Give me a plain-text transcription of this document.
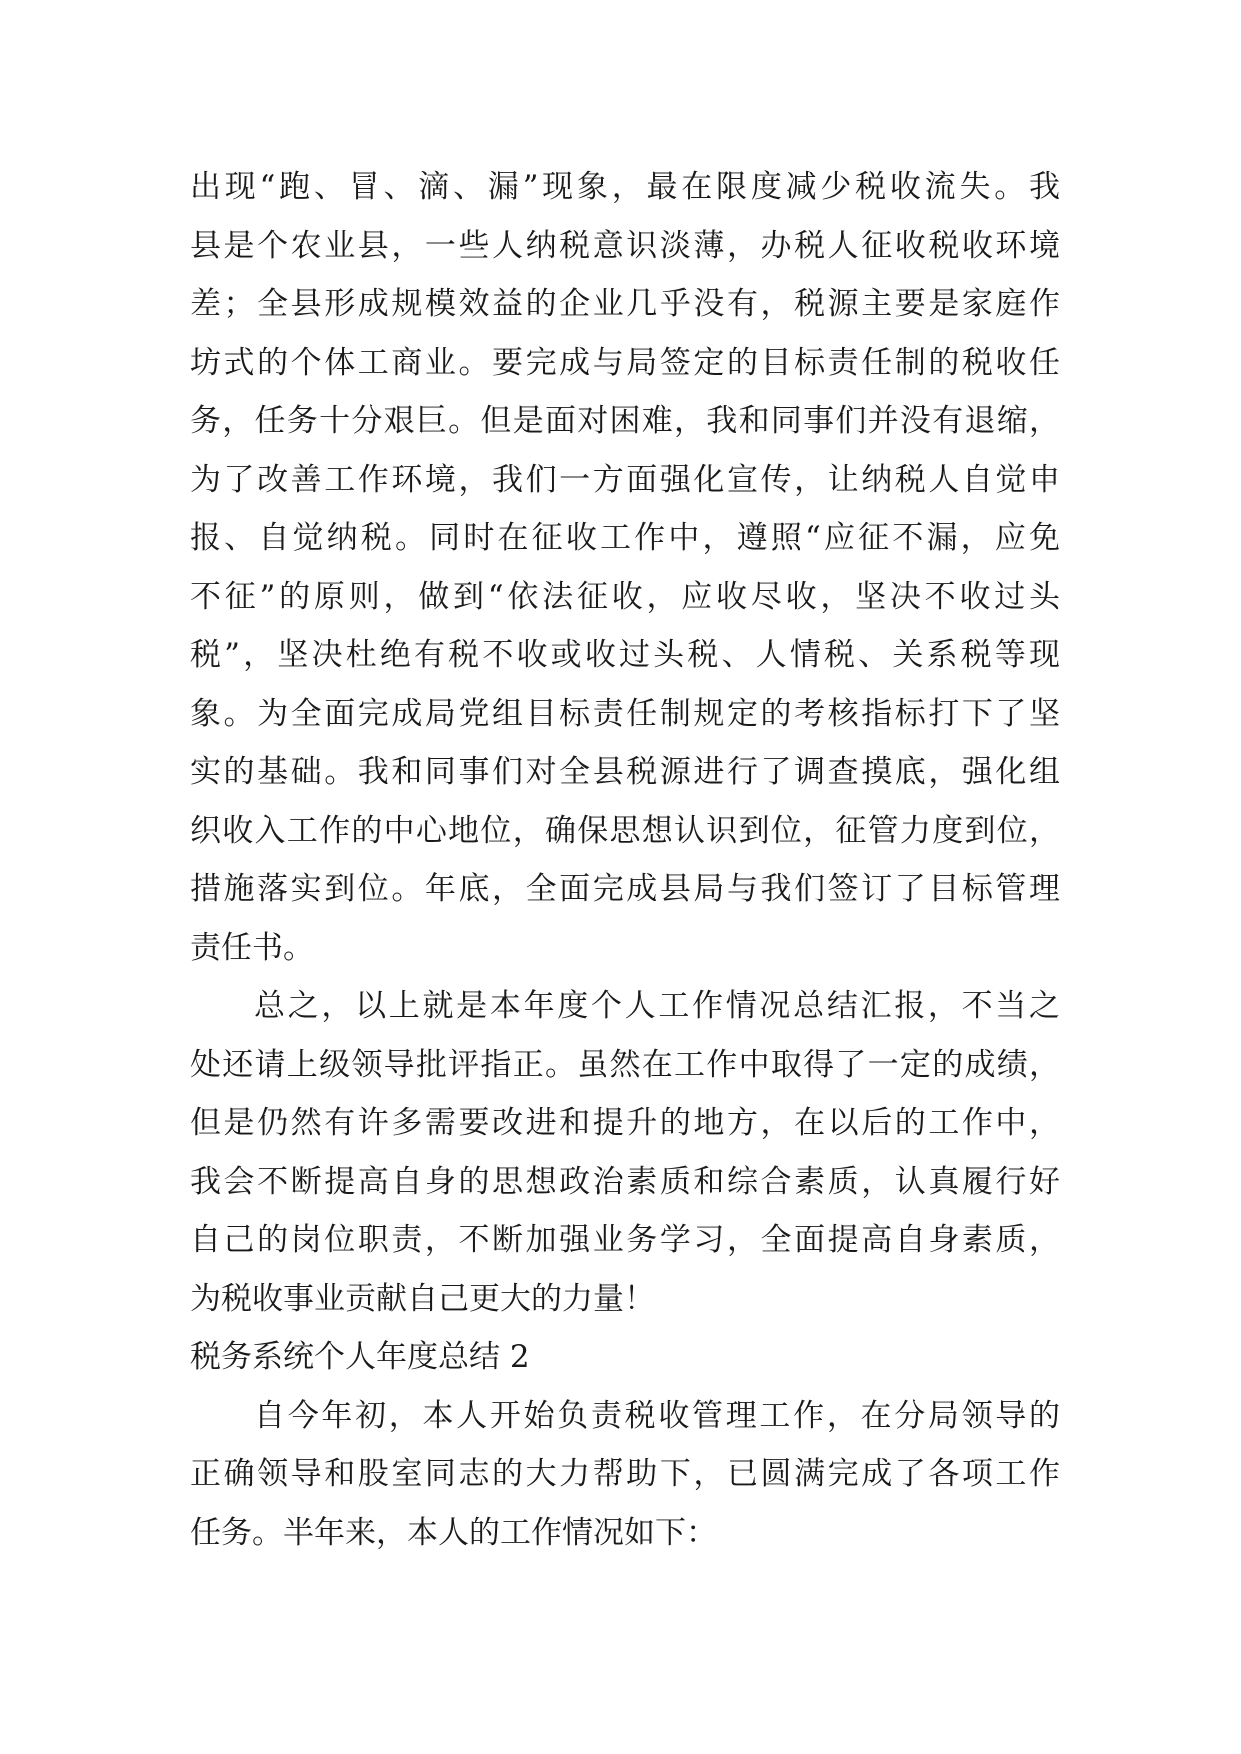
出现“跑、冒、滴、漏”现象，最在限度减少税收流失。我
县是个农业县，一些人纳税意识淡薄，办税人征收税收环境
差；全县形成规模效益的企业几乎没有，税源主要是家庭作
坊式的个体工商业。要完成与局签定的目标责任制的税收任
务，任务十分艰巨。但是面对困难，我和同事们并没有退缩，
为了改善工作环境，我们一方面强化宣传，让纳税人自觉申
报、自觉纳税。同时在征收工作中，遵照“应征不漏，应免
不征”的原则，做到“依法征收，应收尽收，坚决不收过头
税”，坚决杜绝有税不收或收过头税、人情税、关系税等现
象。为全面完成局党组目标责任制规定的考核指标打下了坚
实的基础。我和同事们对全县税源进行了调查摸底，强化组
织收入工作的中心地位，确保思想认识到位，征管力度到位，
措施落实到位。年底，全面完成县局与我们签订了目标管理
责任书。
总之，以上就是本年度个人工作情况总结汇报，不当之
处还请上级领导批评指正。虽然在工作中取得了一定的成绩，
但是仍然有许多需要改进和提升的地方，在以后的工作中，
我会不断提高自身的思想政治素质和综合素质，认真履行好
自己的岗位职责，不断加强业务学习，全面提高自身素质，
为税收事业贡献自己更大的力量！
税务系统个人年度总结 2
自今年初，本人开始负责税收管理工作，在分局领导的
正确领导和股室同志的大力帮助下，已圆满完成了各项工作
任务。半年来，本人的工作情况如下：
